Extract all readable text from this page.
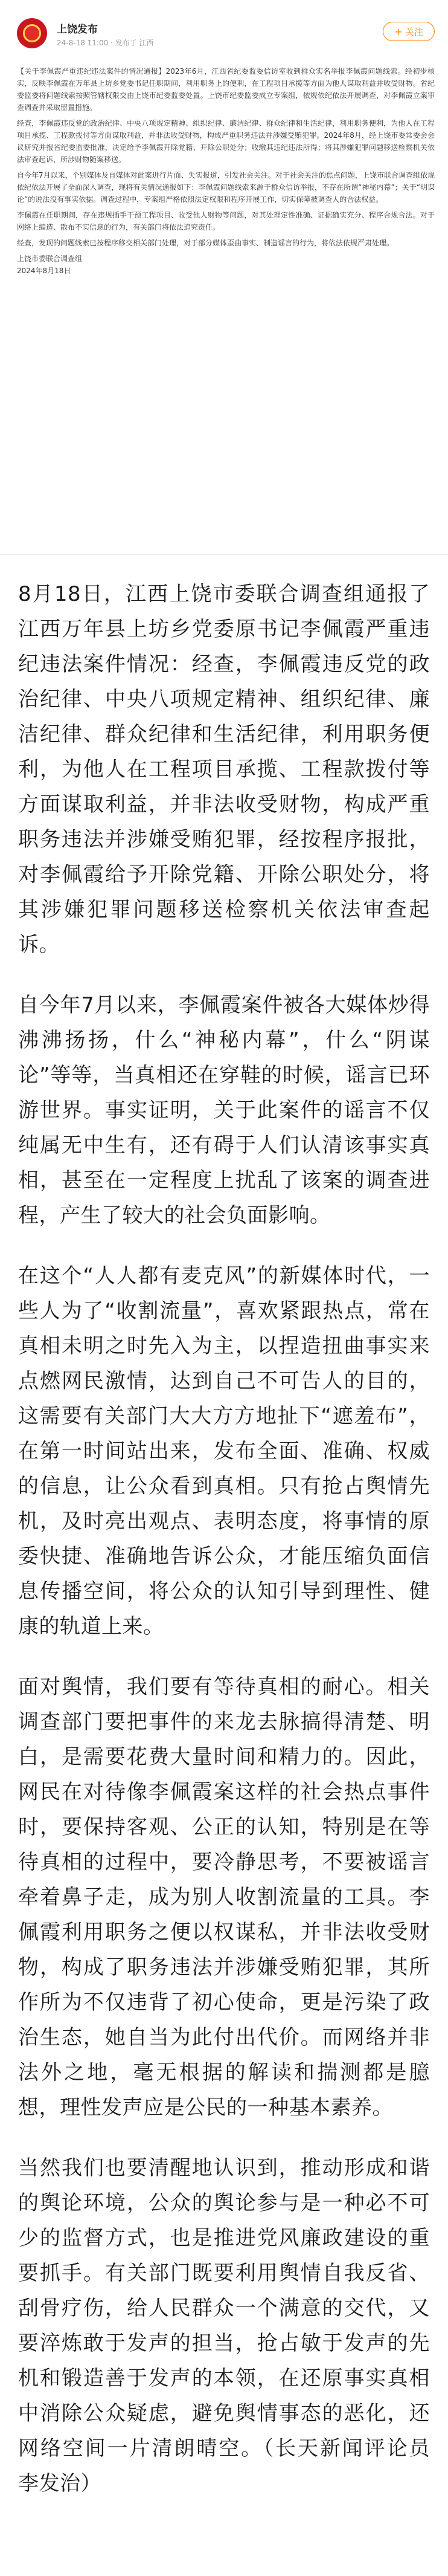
上饶发布
24-8-18 11:00 · 发布于 江西
+ 关注

【关于李佩霞严重违纪违法案件的情况通报】2023年6月，江西省纪委监委信访室收到群众实名举报李佩霞问题线索。经初步核实，反映李佩霞在万年县上坊乡党委书记任职期间，利用职务上的便利，在工程项目承揽等方面为他人谋取利益并收受财物。省纪委监委将问题线索按照管辖权限交由上饶市纪委监委处置。上饶市纪委监委成立专案组，依规依纪依法开展调查，对李佩霞立案审查调查并采取留置措施。

经查，李佩霞违反党的政治纪律、中央八项规定精神、组织纪律、廉洁纪律、群众纪律和生活纪律，利用职务便利，为他人在工程项目承揽、工程款拨付等方面谋取利益，并非法收受财物，构成严重职务违法并涉嫌受贿犯罪。2024年8月，经上饶市委常委会会议研究并报省纪委监委批准，决定给予李佩霞开除党籍、开除公职处分；收缴其违纪违法所得；将其涉嫌犯罪问题移送检察机关依法审查起诉，所涉财物随案移送。

自今年7月以来，个别媒体及自媒体对此案进行片面、失实报道，引发社会关注。对于社会关注的焦点问题，上饶市联合调查组依规依纪依法开展了全面深入调查，现将有关情况通报如下：李佩霞问题线索来源于群众信访举报，不存在所谓“神秘内幕”；关于“明谋论”的说法没有事实依据。调查过程中，专案组严格依照法定权限和程序开展工作，切实保障被调查人的合法权益。

李佩霞在任职期间，存在违规插手干预工程项目、收受他人财物等问题，对其处理定性准确、证据确实充分、程序合规合法。对于网络上编造、散布不实信息的行为，有关部门将依法追究责任。

经查，发现的问题线索已按程序移交相关部门处理，对于部分媒体歪曲事实、制造谣言的行为，将依法依规严肃处理。

上饶市委联合调查组
2024年8月18日

8月18日，江西上饶市委联合调查组通报了江西万年县上坊乡党委原书记李佩霞严重违纪违法案件情况：经查，李佩霞违反党的政治纪律、中央八项规定精神、组织纪律、廉洁纪律、群众纪律和生活纪律，利用职务便利，为他人在工程项目承揽、工程款拨付等方面谋取利益，并非法收受财物，构成严重职务违法并涉嫌受贿犯罪，经按程序报批，对李佩霞给予开除党籍、开除公职处分，将其涉嫌犯罪问题移送检察机关依法审查起诉。

自今年7月以来，李佩霞案件被各大媒体炒得沸沸扬扬，什么“神秘内幕”，什么“阴谋论”等等，当真相还在穿鞋的时候，谣言已环游世界。事实证明，关于此案件的谣言不仅纯属无中生有，还有碍于人们认清该事实真相，甚至在一定程度上扰乱了该案的调查进程，产生了较大的社会负面影响。

在这个“人人都有麦克风”的新媒体时代，一些人为了“收割流量”，喜欢紧跟热点，常在真相未明之时先入为主，以捏造扭曲事实来点燃网民激情，达到自己不可告人的目的，这需要有关部门大大方方地扯下“遮羞布”，在第一时间站出来，发布全面、准确、权威的信息，让公众看到真相。只有抢占舆情先机，及时亮出观点、表明态度，将事情的原委快捷、准确地告诉公众，才能压缩负面信息传播空间，将公众的认知引导到理性、健康的轨道上来。

面对舆情，我们要有等待真相的耐心。相关调查部门要把事件的来龙去脉搞得清楚、明白，是需要花费大量时间和精力的。因此，网民在对待像李佩霞案这样的社会热点事件时，要保持客观、公正的认知，特别是在等待真相的过程中，要冷静思考，不要被谣言牵着鼻子走，成为别人收割流量的工具。李佩霞利用职务之便以权谋私，并非法收受财物，构成了职务违法并涉嫌受贿犯罪，其所作所为不仅违背了初心使命，更是污染了政治生态，她自当为此付出代价。而网络并非法外之地，毫无根据的解读和揣测都是臆想，理性发声应是公民的一种基本素养。

当然我们也要清醒地认识到，推动形成和谐的舆论环境，公众的舆论参与是一种必不可少的监督方式，也是推进党风廉政建设的重要抓手。有关部门既要利用舆情自我反省、刮骨疗伤，给人民群众一个满意的交代，又要淬炼敢于发声的担当，抢占敏于发声的先机和锻造善于发声的本领，在还原事实真相中消除公众疑虑，避免舆情事态的恶化，还网络空间一片清朗晴空。（长天新闻评论员 李发治）
